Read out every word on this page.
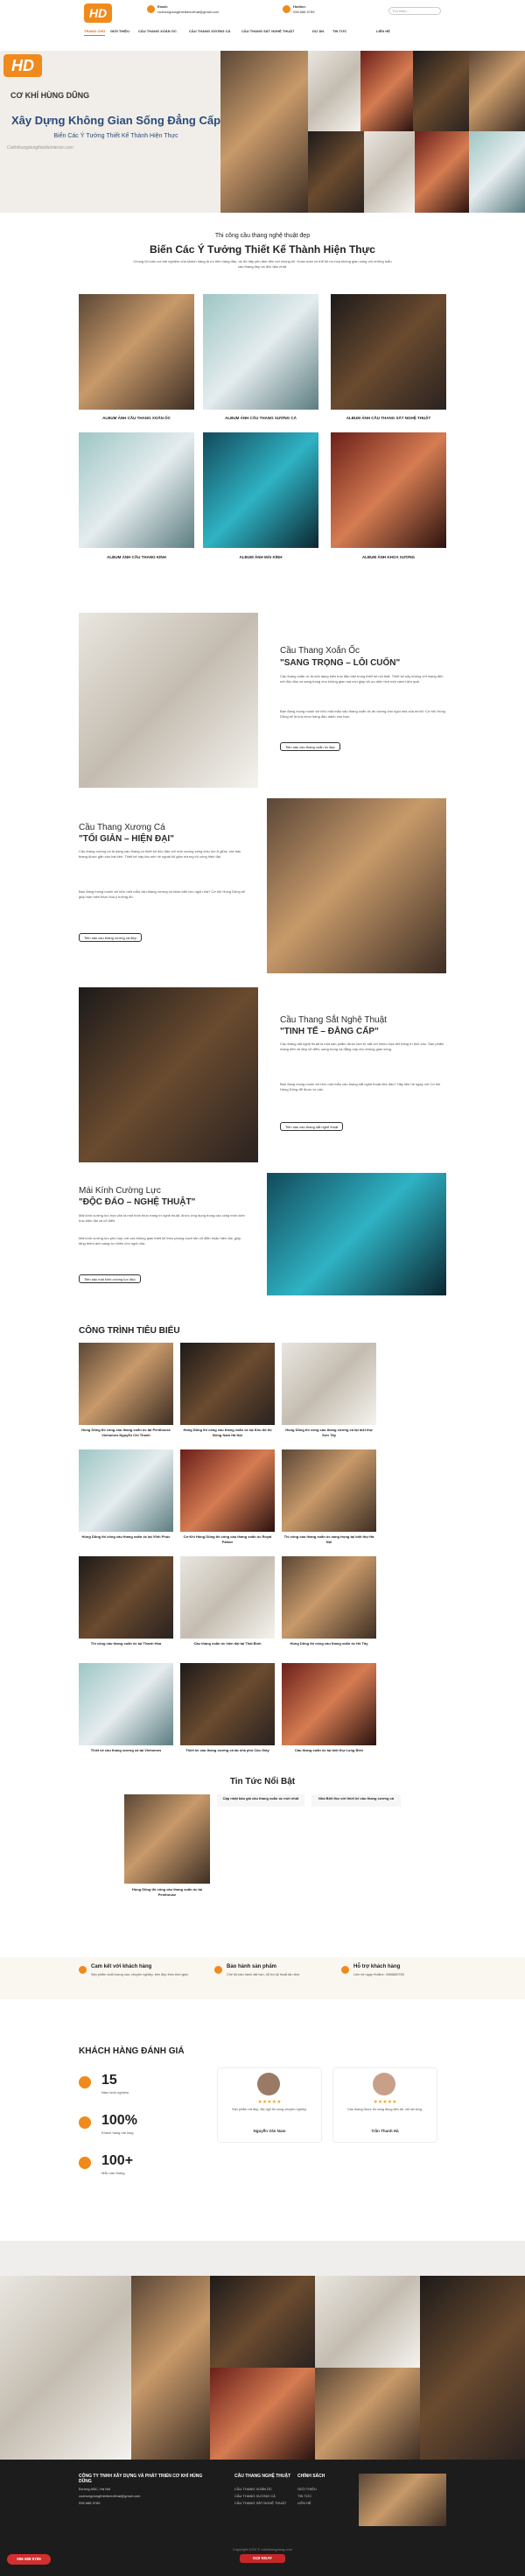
HD	Email:
cuahungdungthietkenoithat@gmail.com
Hotline:
096 688 9789	Tìm kiếm...
TRANG CHỦ GIỚI THIỆU	CẦU THANG XOẮN ỐC	CẦU THANG XƯƠNG CÁ	CẦU THANG SẮT NGHỆ THUẬT	DỰ ÁN TIN TỨC	LIÊN HỆ
HD
CƠ KHÍ HÙNG DŨNG
Xây Dựng Không Gian Sống Đẳng Cấp
Biến Các Ý Tưởng Thiết Kế Thành Hiện Thực
Cokhihungdungthietkeinterior.com
Thi công cầu thang nghệ thuật đẹp
Biến Các Ý Tưởng Thiết Kế Thành Hiện Thực
Chúng tôi luôn coi trải nghiệm của khách hàng là ưu tiên hàng đầu, do đó hãy yên tâm đến với chúng tôi. Hoàn toàn có thể tối ưu hóa không gian sống với những mẫu cầu thang đẹp và độc đáo nhất.
ALBUM ẢNH CẦU THANG XOẮN ỐC	ALBUM ẢNH CẦU THANG XƯƠNG CÁ	ALBUM ẢNH CẦU THANG SẮT NGHỆ THUẬT
ALBUM ẢNH CẦU THANG KÍNH	ALBUM ẢNH MÁI KÍNH	ALBUM ẢNH KHOA XƯƠNG
Cầu Thang Xoắn Ốc
"SANG TRỌNG – LÔI CUỐN"
Cầu thang xoắn ốc là một dạng kiến trúc đặc biệt trong thiết kế nội thất. Thiết kế này không chỉ mang đến nét độc đáo và sang trọng cho không gian mà còn giúp tối ưu diện tích một cách hiệu quả.
Bạn đang mong muốn sở hữu một mẫu cầu thang xoắn ốc ấn tượng cho ngôi nhà của mình? Cơ khí Hùng Dũng sẽ là lựa chọn hàng đầu dành cho bạn.
Tiến sâu cầu thang xoắn ốc đẹp
Cầu Thang Xương Cá
"TỐI GIẢN – HIỆN ĐẠI"
Cầu thang xương cá là dạng cầu thang có thiết kế độc đáo với một xương sống chịu lực ở giữa, các bậc thang được gắn vào hai bên. Thiết kế này tạo nên vẻ ngoài tối giản nhưng vô cùng hiện đại.
Bạn đang mong muốn sở hữu một mẫu cầu thang xương cá khác biệt cho ngôi nhà? Cơ khí Hùng Dũng sẽ giúp bạn hiện thực hóa ý tưởng đó.
Tiến sâu cầu thang xương cá đẹp
Cầu Thang Sắt Nghệ Thuật
"TINH TẾ – ĐẲNG CẤP"
Cầu thang sắt nghệ thuật là một sản phẩm được làm từ sắt với nhiều họa tiết trang trí tinh xảo. Sản phẩm mang đến vẻ đẹp cổ điển, sang trọng và đẳng cấp cho không gian sống.
Bạn đang mong muốn sở hữu một mẫu cầu thang sắt nghệ thuật độc đáo? Hãy liên hệ ngay với Cơ khí Hùng Dũng để được tư vấn.
Tiến sâu cầu thang sắt nghệ thuật
Mái Kính Cường Lực
"ĐỘC ĐÁO – NGHỆ THUẬT"
Mái kính cường lực hoa văn là một hình thức trang trí nghệ thuật, được ứng dụng trong các công trình kiến trúc hiện đại và cổ điển.
Mái kính cường lực phù hợp với các không gian thiết kế theo phong cách tân cổ điển hoặc hiện đại, giúp tăng thêm ánh sáng tự nhiên cho ngôi nhà.
Tiến sâu mái kính cường lực đẹp
CÔNG TRÌNH TIÊU BIỂU
Hùng Dũng thi công cầu thang xoắn ốc tại Penthouse Vinhomes Nguyễn Chí Thanh
Hùng Dũng thi công cầu thang xoắn ốc tại Khu đô thị Đông Nam Hà Nội
Hùng Dũng thi công cầu thang xương cá tại biệt thự Sơn Tây
Hùng Dũng thi công cầu thang xoắn ốc tại Vĩnh Phúc	Cơ Khí Hùng Dũng thi công cầu thang xoắn ốc Royal Palace
Thi công cầu thang xoắn ốc sang trọng tại biệt thự Hà Nội
Thi công cầu thang xoắn ốc tại Thanh Hóa	Cầu thang xoắn ốc hiện đại tại Thái Bình	Hùng Dũng thi công cầu thang xoắn ốc Hồ Tây
Thiết kế cầu thang xương cá tại Vinhomes	Thiết kế cầu thang xương cá tại nhà phố Cầu Giấy	Cầu thang xoắn ốc tại biệt thự Long Biên
Tin Tức Nổi Bật
Hùng Dũng thi công cầu thang xoắn ốc tại Penthouse
Cập nhật báo giá cầu thang xoắn ốc mới nhất	Nhà Biệt thự với thiết kế cầu thang xương cá
Cam kết với khách hàng
Sản phẩm chất lượng cao, chuyên nghiệp, bền đẹp theo thời gian.
Bảo hành sản phẩm
Chế độ bảo hành dài hạn, hỗ trợ kỹ thuật tận tâm.
Hỗ trợ khách hàng
Liên hệ ngay Hotline: 0966889789
KHÁCH HÀNG ĐÁNH GIÁ
15
Năm kinh nghiệm
100%
Khách hàng hài lòng
100+
Mẫu cầu thang
★★★★★
Sản phẩm rất đẹp, đội ngũ thi công chuyên nghiệp.
Nguyễn Văn Nam
★★★★★
Cầu thang được thi công đúng tiến độ, rất hài lòng.
Trần Thanh Hà
CÔNG TY TNHH XÂY DỰNG VÀ PHÁT TRIỂN CƠ KHÍ HÙNG DŨNG
Đường ABC, Hà Nội
cuahungdungthietkenoithat@gmail.com
096 688 9789
CẦU THANG NGHỆ THUẬT
CẦU THANG XOẮN ỐC
CẦU THANG XƯƠNG CÁ
CẦU THANG SẮT NGHỆ THUẬT
CHÍNH SÁCH
GIỚI THIỆU
TIN TỨC
LIÊN HỆ
Copyright 2024 © cokhihungdung.com
GỌI NGAY
096 688 9789
